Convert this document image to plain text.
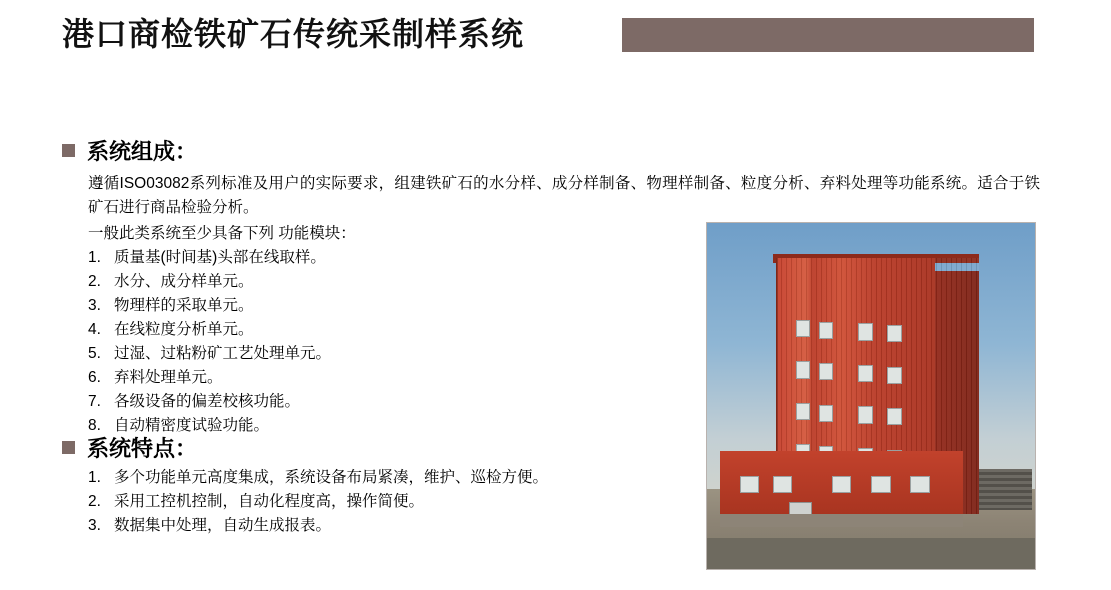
港口商检铁矿石传统采制样系统
系统组成：

遵循ISO03082系列标准及用户的实际要求，组建铁矿石的水分样、成分样制备、物理样制备、粒度分析、弃料处理等功能系统。适合于铁矿石进行商品检验分析。

一般此类系统至少具备下列 功能模块：

1. 质量基(时间基)头部在线取样。
2. 水分、成分样单元。
3. 物理样的采取单元。
4. 在线粒度分析单元。
5. 过湿、过粘粉矿工艺处理单元。
6. 弃料处理单元。
7. 各级设备的偏差校核功能。
8. 自动精密度试验功能。
系统特点：
1. 多个功能单元高度集成，系统设备布局紧凑，维护、巡检方便。
2. 采用工控机控制，自动化程度高，操作简便。
3. 数据集中处理，自动生成报表。
